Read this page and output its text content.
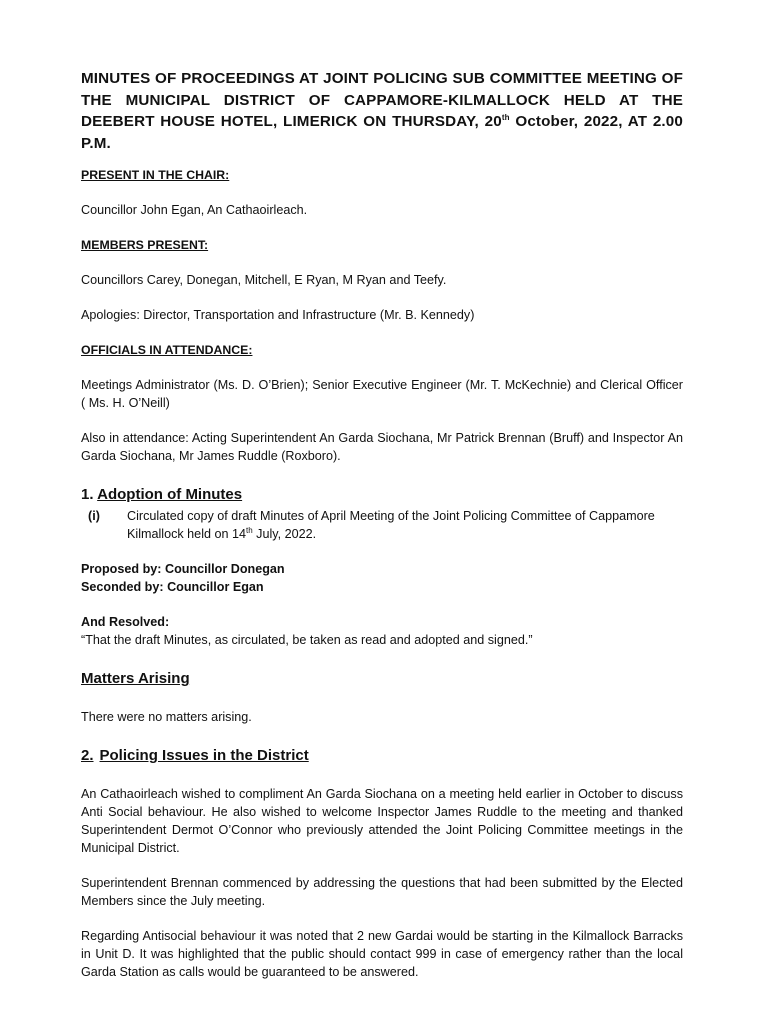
MINUTES OF PROCEEDINGS AT JOINT POLICING SUB COMMITTEE MEETING OF THE MUNICIPAL DISTRICT OF CAPPAMORE-KILMALLOCK HELD AT THE DEEBERT HOUSE HOTEL, LIMERICK ON THURSDAY, 20th October, 2022, AT 2.00 P.M.
PRESENT IN THE CHAIR:
Councillor John Egan, An Cathaoirleach.
MEMBERS PRESENT:
Councillors Carey, Donegan, Mitchell, E Ryan, M Ryan and Teefy.
Apologies: Director, Transportation and Infrastructure (Mr. B. Kennedy)
OFFICIALS IN ATTENDANCE:
Meetings Administrator (Ms. D. O’Brien); Senior Executive Engineer (Mr. T. McKechnie) and Clerical Officer ( Ms. H. O’Neill)
Also in attendance: Acting Superintendent An Garda Siochana, Mr Patrick Brennan (Bruff) and Inspector An Garda Siochana, Mr James Ruddle (Roxboro).
1. Adoption of Minutes
(i)	Circulated copy of draft Minutes of April Meeting of the Joint Policing Committee of Cappamore Kilmallock held on 14th July, 2022.
Proposed by: Councillor Donegan
Seconded by: Councillor Egan
And Resolved:
“That the draft Minutes, as circulated, be taken as read and adopted and signed.”
Matters Arising
There were no matters arising.
2. Policing Issues in the District
An Cathaoirleach wished to compliment An Garda Siochana on a meeting held earlier in October to discuss Anti Social behaviour. He also wished to welcome Inspector James Ruddle to the meeting and thanked Superintendent Dermot O’Connor who previously attended the Joint Policing Committee meetings in the Municipal District.
Superintendent Brennan commenced by addressing the questions that had been submitted by the Elected Members since the July meeting.
Regarding Antisocial behaviour it was noted that 2 new Gardai would be starting in the Kilmallock Barracks in Unit D. It was highlighted that the public should contact 999 in case of emergency rather than the local Garda Station as calls would be guaranteed to be answered.
